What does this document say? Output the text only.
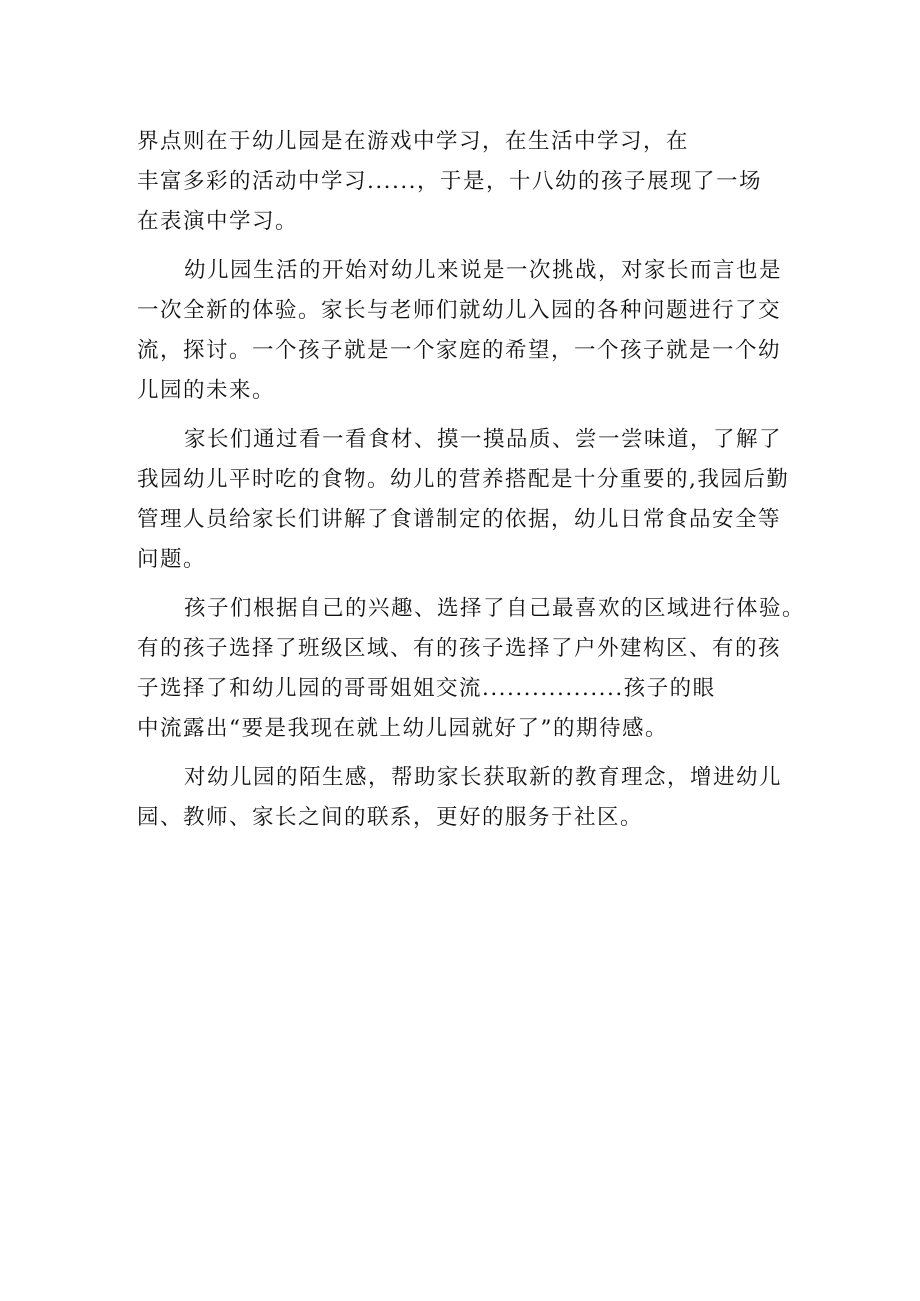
界点则在于幼儿园是在游戏中学习，在生活中学习，在

丰富多彩的活动中学习......，于是，十八幼的孩子展现了一场

在表演中学习。

幼儿园生活的开始对幼儿来说是一次挑战，对家长而言也是

一次全新的体验。家长与老师们就幼儿入园的各种问题进行了交

流，探讨。一个孩子就是一个家庭的希望，一个孩子就是一个幼

儿园的未来。

家长们通过看一看食材、摸一摸品质、尝一尝味道，了解了

我园幼儿平时吃的食物。幼儿的营养搭配是十分重要的,我园后勤

管理人员给家长们讲解了食谱制定的依据，幼儿日常食品安全等

问题。

孩子们根据自己的兴趣、选择了自己最喜欢的区域进行体验。

有的孩子选择了班级区域、有的孩子选择了户外建构区、有的孩

子选择了和幼儿园的哥哥姐姐交流.................孩子的眼

中流露出“要是我现在就上幼儿园就好了”的期待感。

对幼儿园的陌生感，帮助家长获取新的教育理念，增进幼儿

园、教师、家长之间的联系，更好的服务于社区。
